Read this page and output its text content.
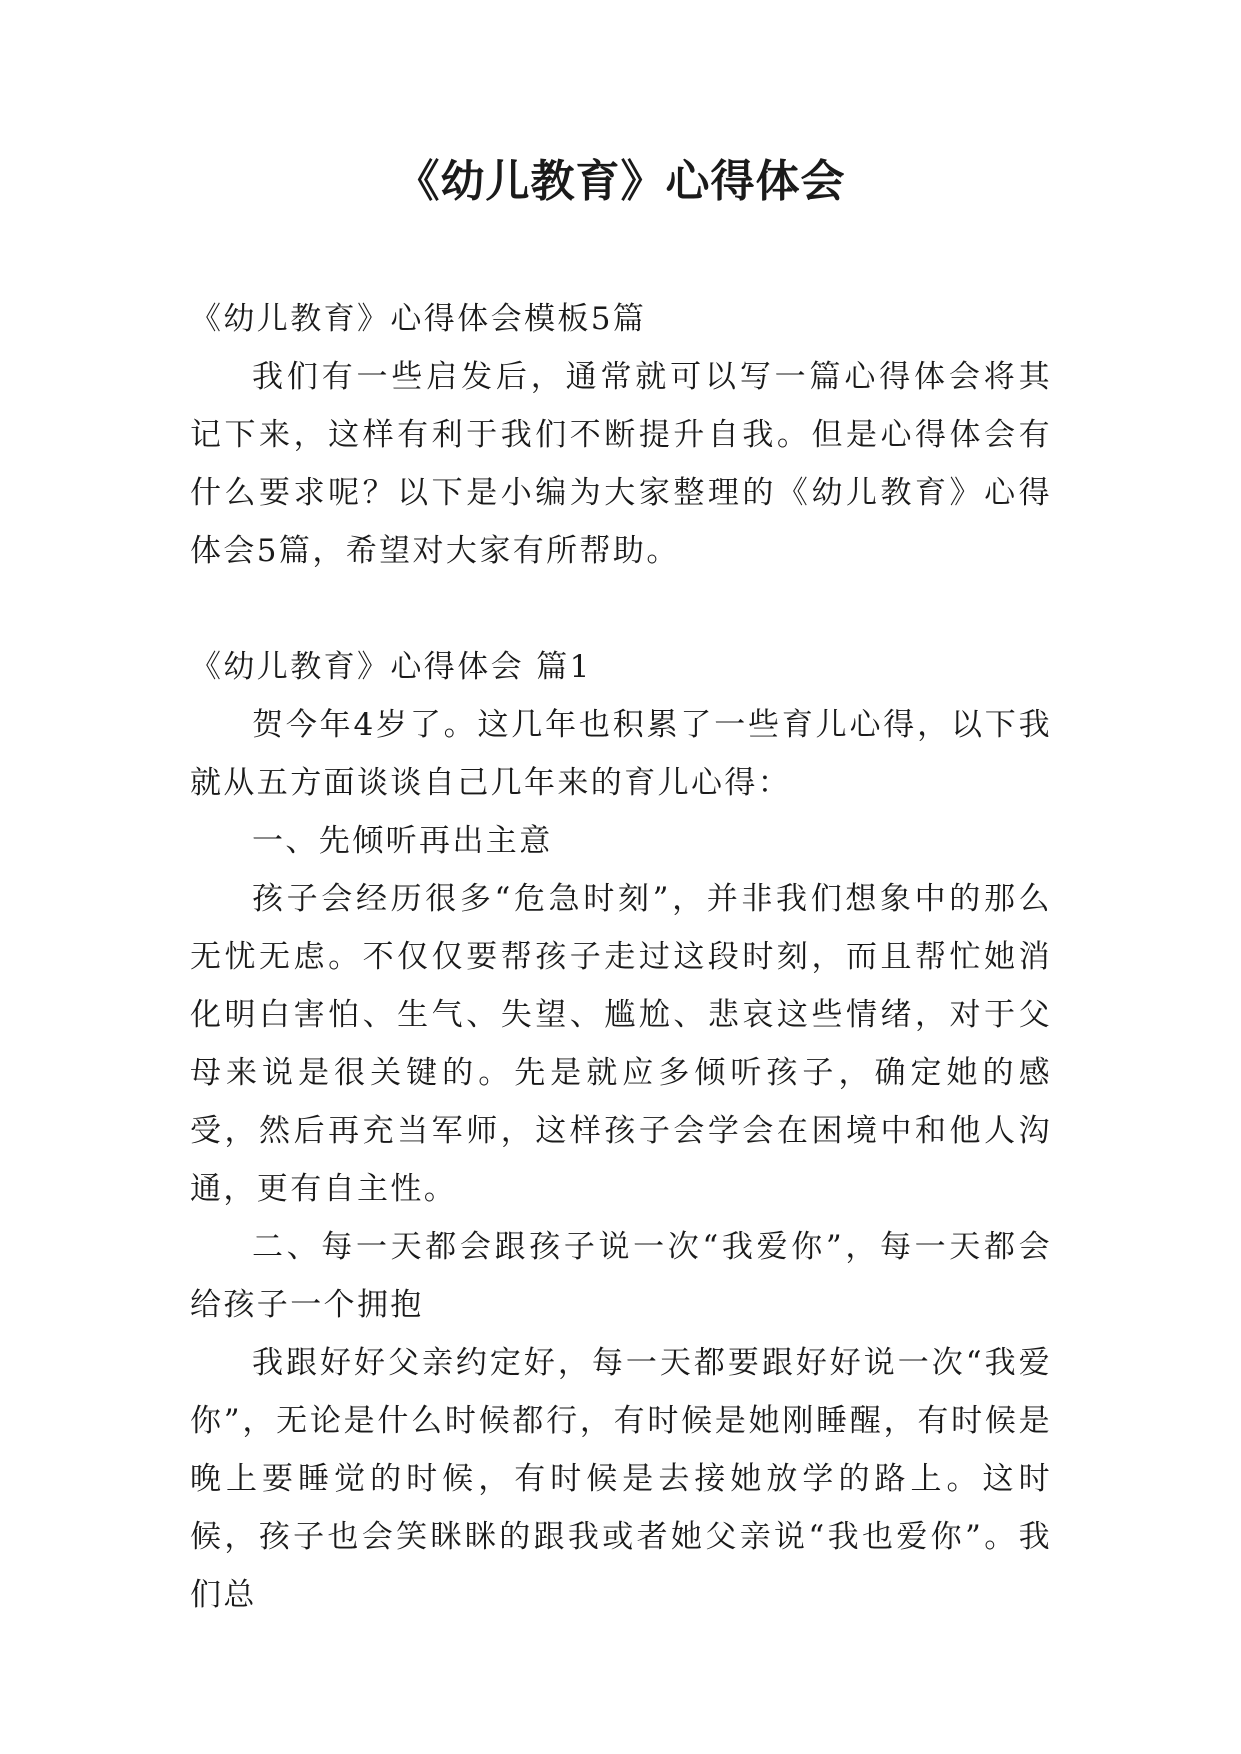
《幼儿教育》心得体会

《幼儿教育》心得体会模板5篇

我们有一些启发后，通常就可以写一篇心得体会将其记下来，这样有利于我们不断提升自我。但是心得体会有什么要求呢？以下是小编为大家整理的《幼儿教育》心得体会5篇，希望对大家有所帮助。

《幼儿教育》心得体会 篇1

贺今年4岁了。这几年也积累了一些育儿心得，以下我就从五方面谈谈自己几年来的育儿心得：

一、先倾听再出主意

孩子会经历很多“危急时刻”，并非我们想象中的那么无忧无虑。不仅仅要帮孩子走过这段时刻，而且帮忙她消化明白害怕、生气、失望、尴尬、悲哀这些情绪，对于父母来说是很关键的。先是就应多倾听孩子，确定她的感受，然后再充当军师，这样孩子会学会在困境中和他人沟通，更有自主性。

二、每一天都会跟孩子说一次“我爱你”，每一天都会给孩子一个拥抱

我跟好好父亲约定好，每一天都要跟好好说一次“我爱你”，无论是什么时候都行，有时候是她刚睡醒，有时候是晚上要睡觉的时候，有时候是去接她放学的路上。这时候，孩子也会笑眯眯的跟我或者她父亲说“我也爱你”。我们总
